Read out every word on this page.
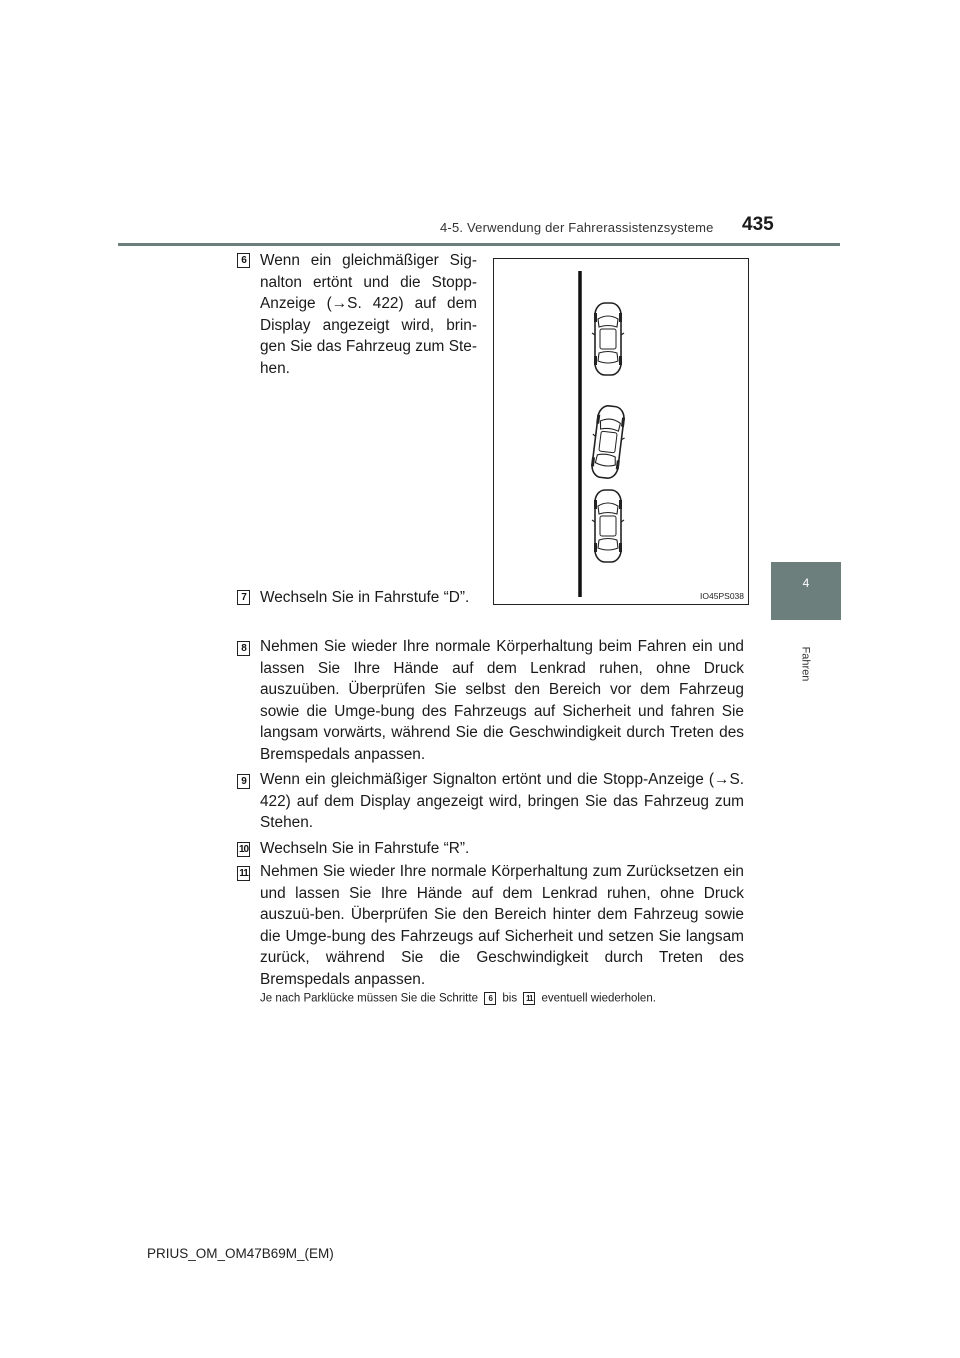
4-5. Verwendung der Fahrerassistenzsysteme 435
4
Fahren
6 Wenn ein gleichmäßiger Sig-nalton ertönt und die Stopp-Anzeige (→S. 422) auf dem Display angezeigt wird, brin-gen Sie das Fahrzeug zum Ste-hen.
IO45PS038
7 Wechseln Sie in Fahrstufe “D”.
8 Nehmen Sie wieder Ihre normale Körperhaltung beim Fahren ein und lassen Sie Ihre Hände auf dem Lenkrad ruhen, ohne Druck auszuüben. Überprüfen Sie selbst den Bereich vor dem Fahrzeug sowie die Umge-bung des Fahrzeugs auf Sicherheit und fahren Sie langsam vorwärts, während Sie die Geschwindigkeit durch Treten des Bremspedals anpassen.
9 Wenn ein gleichmäßiger Signalton ertönt und die Stopp-Anzeige (→S. 422) auf dem Display angezeigt wird, bringen Sie das Fahrzeug zum Stehen.
10 Wechseln Sie in Fahrstufe “R”.
11 Nehmen Sie wieder Ihre normale Körperhaltung zum Zurücksetzen ein und lassen Sie Ihre Hände auf dem Lenkrad ruhen, ohne Druck auszuü-ben. Überprüfen Sie den Bereich hinter dem Fahrzeug sowie die Umge-bung des Fahrzeugs auf Sicherheit und setzen Sie langsam zurück, während Sie die Geschwindigkeit durch Treten des Bremspedals anpassen.
Je nach Parklücke müssen Sie die Schritte 6 bis 11 eventuell wiederholen.
PRIUS_OM_OM47B69M_(EM)
